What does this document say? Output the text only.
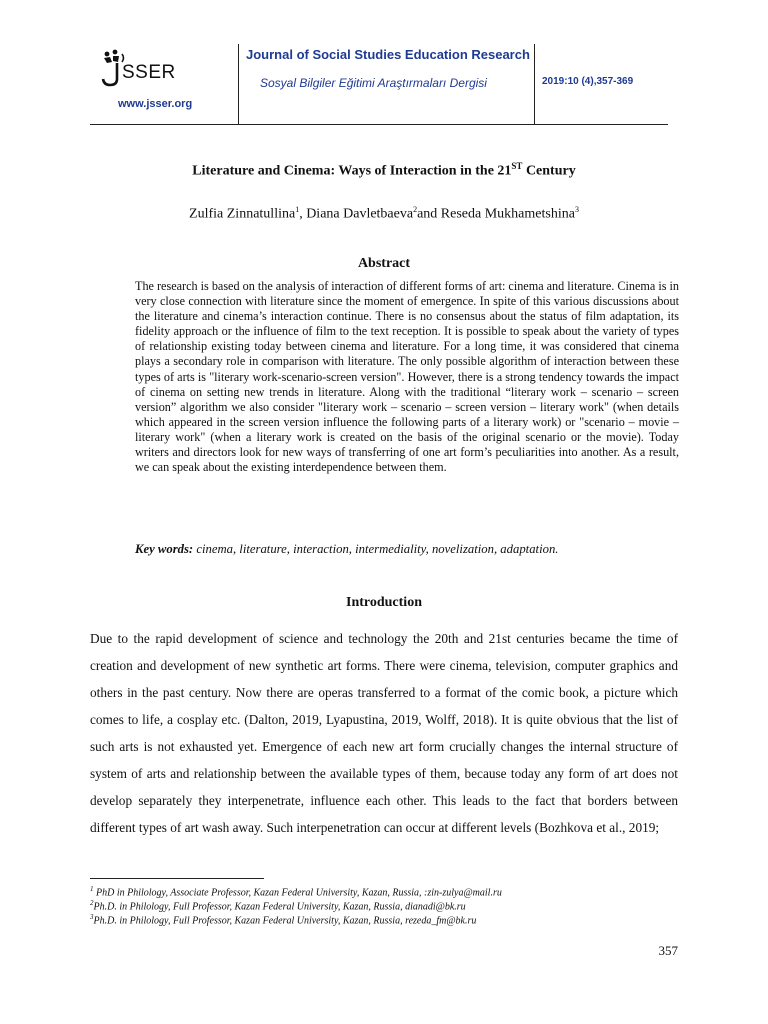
SSER
www.jsser.org
Journal of Social Studies Education Research
Sosyal Bilgiler Eğitimi Araştırmaları Dergisi	2019:10 (4),357-369
Literature and Cinema: Ways of Interaction in the 21ST Century
Zulfia Zinnatullina$^1$, Diana Davletbaeva$^2$and Reseda Mukhametshina$^3$
Abstract
The research is based on the analysis of interaction of different forms of art: cinema and literature. Cinema is in very close connection with literature since the moment of emergence. In spite of this various discussions about the literature and cinema’s interaction continue. There is no consensus about the status of film adaptation, its fidelity approach or the influence of film to the text reception. It is possible to speak about the variety of types of relationship existing today between cinema and literature. For a long time, it was considered that cinema plays a secondary role in comparison with literature. The only possible algorithm of interaction between these types of arts is "literary work-scenario-screen version". However, there is a strong tendency towards the impact of cinema on setting new trends in literature. Along with the traditional “literary work – scenario – screen version” algorithm we also consider "literary work – scenario – screen version – literary work" (when details which appeared in the screen version influence the following parts of a literary work) or "scenario – movie – literary work" (when a literary work is created on the basis of the original scenario or the movie). Today writers and directors look for new ways of transferring of one art form’s peculiarities into another. As a result, we can speak about the existing interdependence between them.
Key words: cinema, literature, interaction, intermediality, novelization, adaptation.
Introduction
Due to the rapid development of science and technology the 20th and 21st centuries became the time of creation and development of new synthetic art forms. There were cinema, television, computer graphics and others in the past century. Now there are operas transferred to a format of the comic book, a picture which comes to life, a cosplay etc. (Dalton, 2019, Lyapustina, 2019, Wolff, 2018). It is quite obvious that the list of such arts is not exhausted yet. Emergence of each new art form crucially changes the internal structure of system of arts and relationship between the available types of them, because today any form of art does not develop separately they interpenetrate, influence each other. This leads to the fact that borders between different types of art wash away. Such interpenetration can occur at different levels (Bozhkova et al., 2019;
$^1$ PhD in Philology, Associate Professor, Kazan Federal University, Kazan, Russia, :zin-zulya@mail.ru
$^2$Ph.D. in Philology, Full Professor, Kazan Federal University, Kazan, Russia, dianadi@bk.ru
$^3$Ph.D. in Philology, Full Professor, Kazan Federal University, Kazan, Russia, rezeda_fm@bk.ru
357
